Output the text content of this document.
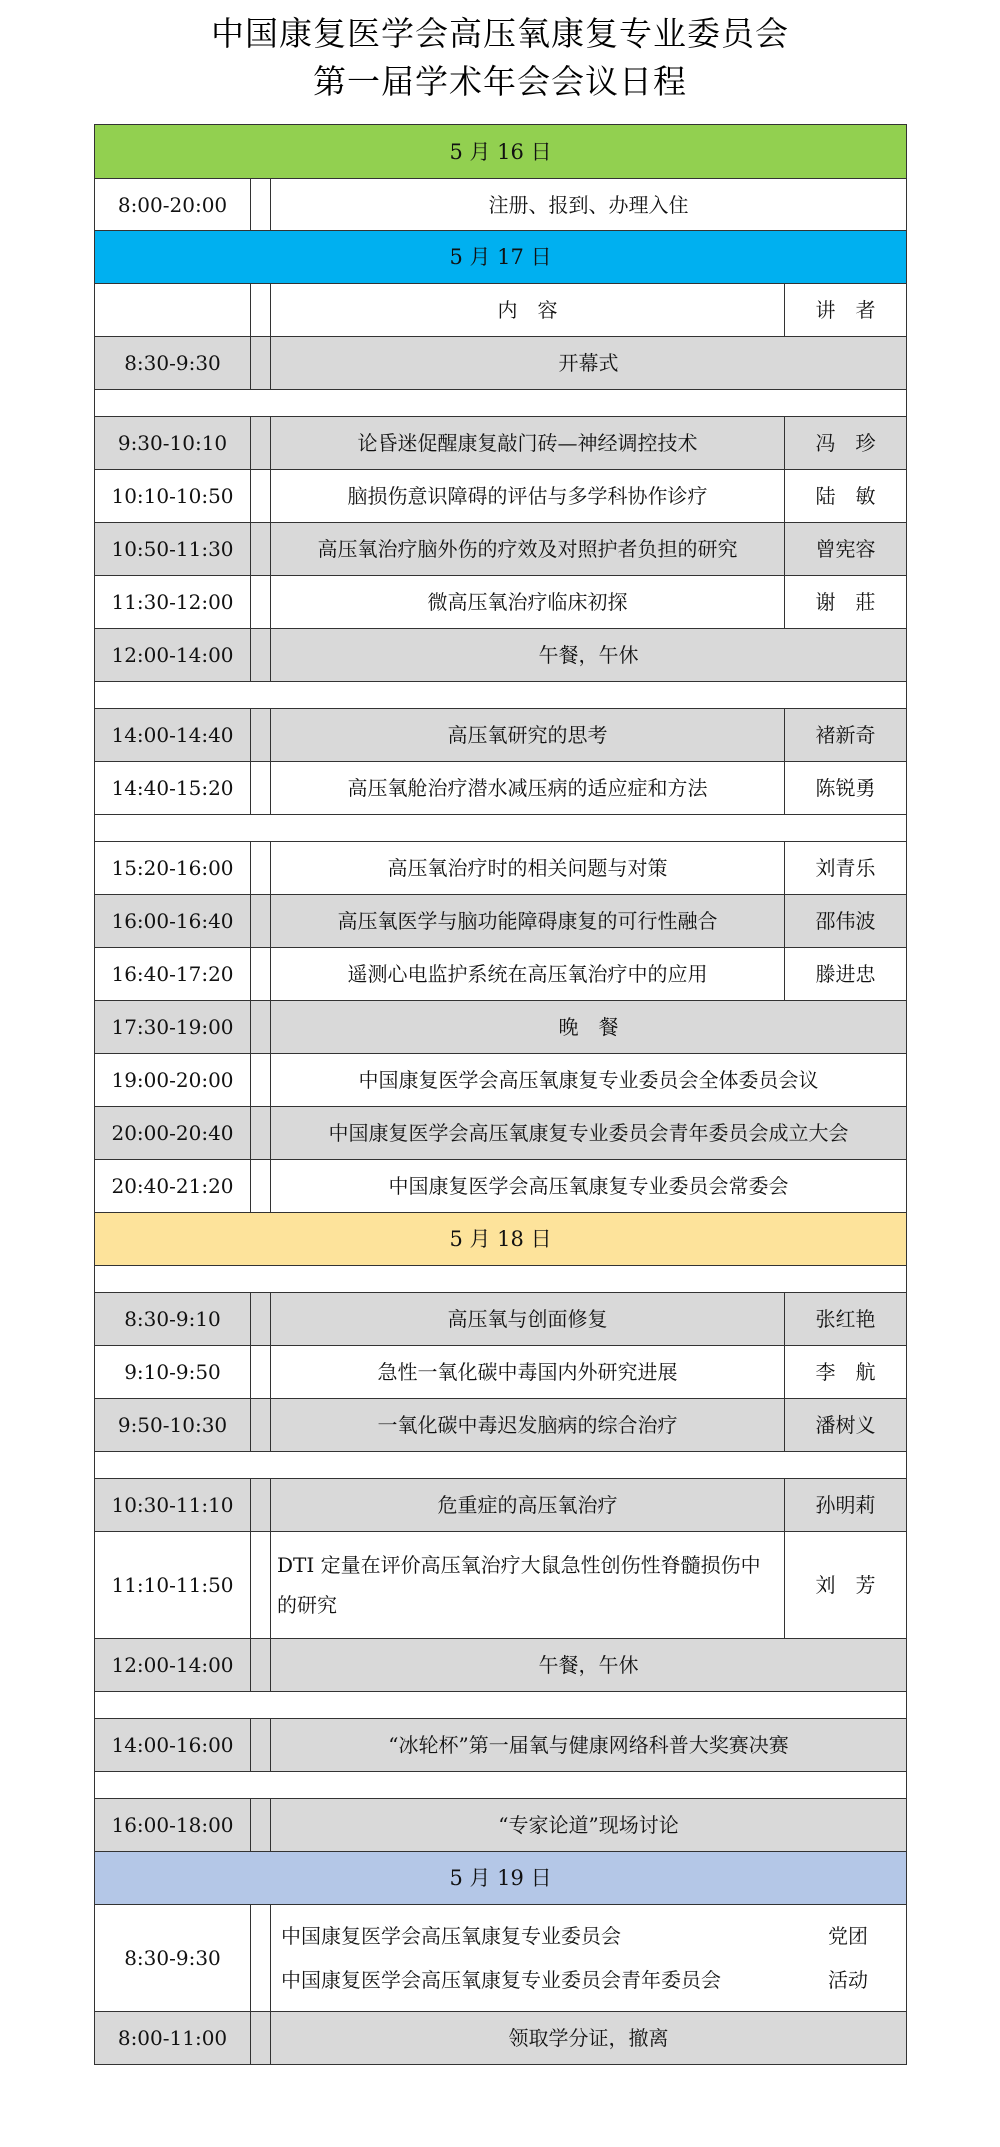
中国康复医学会高压氧康复专业委员会
第一届学术年会会议日程
5 月 16 日			
8:00-20:00		注册、报到、办理入住	
5 月 17 日			
		内　容	讲　者
8:30-9:30		开幕式	

9:30-10:10		论昏迷促醒康复敲门砖—神经调控技术	冯　珍
10:10-10:50		脑损伤意识障碍的评估与多学科协作诊疗	陆　敏
10:50-11:30		高压氧治疗脑外伤的疗效及对照护者负担的研究	曾宪容
11:30-12:00		微高压氧治疗临床初探	谢　莊
12:00-14:00		午餐，午休	

14:00-14:40		高压氧研究的思考	褚新奇
14:40-15:20		高压氧舱治疗潜水减压病的适应症和方法	陈锐勇

15:20-16:00		高压氧治疗时的相关问题与对策	刘青乐
16:00-16:40		高压氧医学与脑功能障碍康复的可行性融合	邵伟波
16:40-17:20		遥测心电监护系统在高压氧治疗中的应用	滕进忠
17:30-19:00		晚　餐	
19:00-20:00		中国康复医学会高压氧康复专业委员会全体委员会议	
20:00-20:40		中国康复医学会高压氧康复专业委员会青年委员会成立大会	
20:40-21:20		中国康复医学会高压氧康复专业委员会常委会	
5 月 18 日			

8:30-9:10		高压氧与创面修复	张红艳
9:10-9:50		急性一氧化碳中毒国内外研究进展	李　航
9:50-10:30		一氧化碳中毒迟发脑病的综合治疗	潘树义

10:30-11:10		危重症的高压氧治疗	孙明莉
11:10-11:50		DTI 定量在评价高压氧治疗大鼠急性创伤性脊髓损伤中的研究	刘　芳
12:00-14:00		午餐，午休	

14:00-16:00		“冰轮杯”第一届氧与健康网络科普大奖赛决赛	

16:00-18:00		“专家论道”现场讨论	
5 月 19 日			
8:30-9:30		中国康复医学会高压氧康复专业委员会 党团
中国康复医学会高压氧康复专业委员会青年委员会 活动	

8:00-11:00		领取学分证，撤离	
